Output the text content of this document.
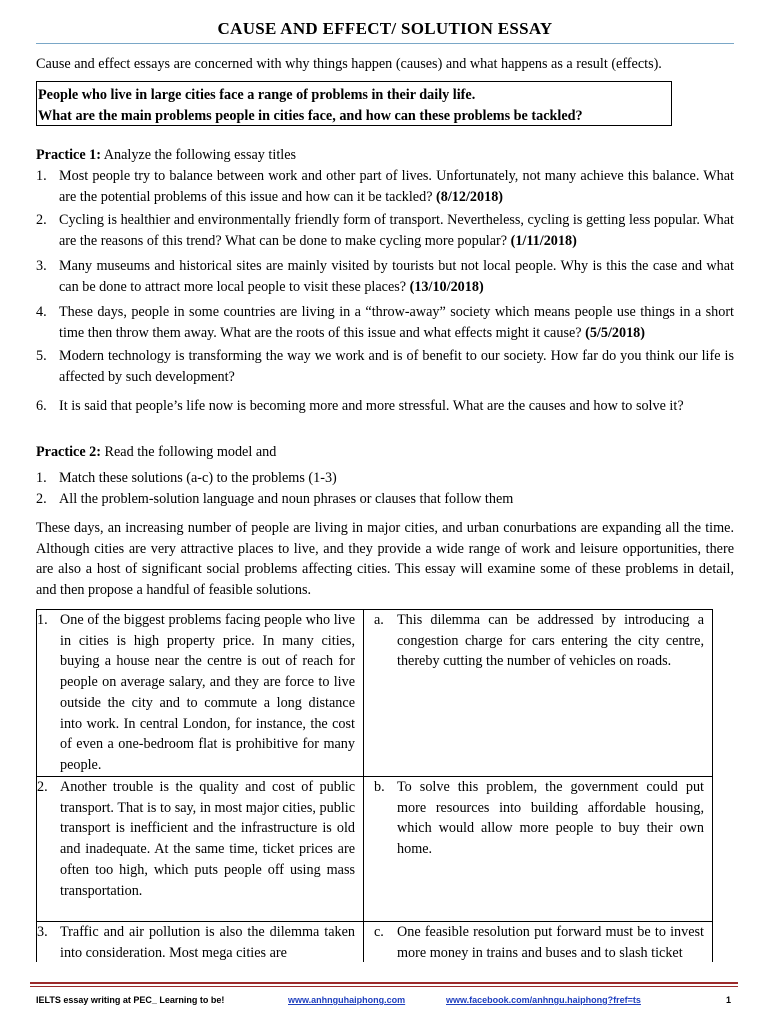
CAUSE AND EFFECT/ SOLUTION ESSAY
Cause and effect essays are concerned with why things happen (causes) and what happens as a result (effects).
People who live in large cities face a range of problems in their daily life.
What are the main problems people in cities face, and how can these problems be tackled?

Practice 1: Analyze the following essay titles

1. Most people try to balance between work and other part of lives. Unfortunately, not many achieve this balance. What are the potential problems of this issue and how can it be tackled? (8/12/2018)
2. Cycling is healthier and environmentally friendly form of transport. Nevertheless, cycling is getting less popular. What are the reasons of this trend? What can be done to make cycling more popular? (1/11/2018)
3. Many museums and historical sites are mainly visited by tourists but not local people. Why is this the case and what can be done to attract more local people to visit these places? (13/10/2018)
4. These days, people in some countries are living in a “throw-away” society which means people use things in a short time then throw them away. What are the roots of this issue and what effects might it cause? (5/5/2018)
5. Modern technology is transforming the way we work and is of benefit to our society. How far do you think our life is affected by such development?
6. It is said that people’s life now is becoming more and more stressful. What are the causes and how to solve it?

Practice 2: Read the following model and

1. Match these solutions (a-c) to the problems (1-3)
2. All the problem-solution language and noun phrases or clauses that follow them
These days, an increasing number of people are living in major cities, and urban conurbations are expanding all the time. Although cities are very attractive places to live, and they provide a wide range of work and leisure opportunities, there are also a host of significant social problems affecting cities. This essay will examine some of these problems in detail, and then propose a handful of feasible solutions.
1. One of the biggest problems facing people who live in cities is high property price. In many cities, buying a house near the centre is out of reach for people on average salary, and they are force to live outside the city and to commute a long distance into work. In central London, for instance, the cost of even a one-bedroom flat is prohibitive for many people.	a. This dilemma can be addressed by introducing a congestion charge for cars entering the city centre, thereby cutting the number of vehicles on roads.

2. Another trouble is the quality and cost of public transport. That is to say, in most major cities, public transport is inefficient and the infrastructure is old and inadequate. At the same time, ticket prices are often too high, which puts people off using mass transportation.	b. To solve this problem, the government could put more resources into building affordable housing, which would allow more people to buy their own home.

3. Traffic and air pollution is also the dilemma taken into consideration. Most mega cities are	c. One feasible resolution put forward must be to invest more money in trains and buses and to slash ticket
IELTS essay writing at PEC_ Learning to be!	www.anhnguhaiphong.com	www.facebook.com/anhngu.haiphong?fref=ts	1
